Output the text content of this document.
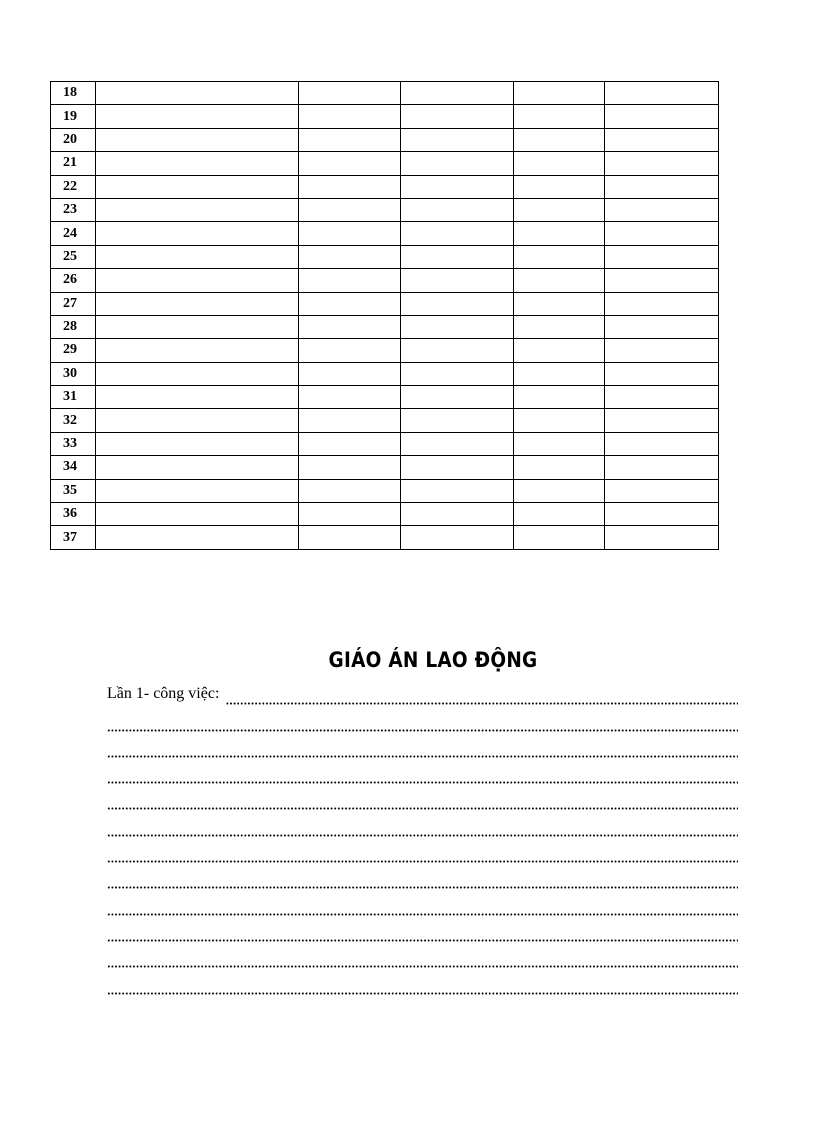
18					
19					
20					
21					
22					
23					
24					
25					
26					
27					
28					
29					
30					
31					
32					
33					
34					
35					
36					
37					
GIÁO ÁN LAO ĐỘNG
Lần 1- công việc:
